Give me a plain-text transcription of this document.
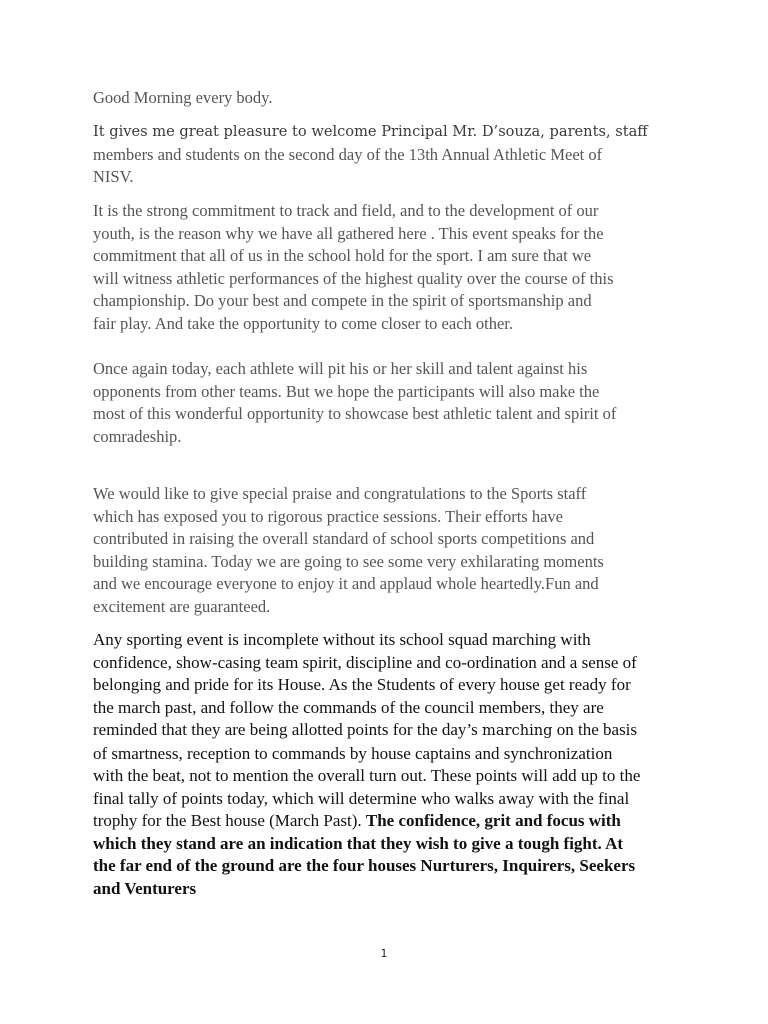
Good Morning every body.

It gives me great pleasure to welcome Principal Mr. D’souza, parents, staff
members and students on the second day of the 13th Annual Athletic Meet of
NISV.

It is the strong commitment to track and field, and to the development of our
youth, is the reason why we have all gathered here . This event speaks for the
commitment that all of us in the school hold for the sport. I am sure that we
will witness athletic performances of the highest quality over the course of this
championship. Do your best and compete in the spirit of sportsmanship and
fair play. And take the opportunity to come closer to each other.

Once again today, each athlete will pit his or her skill and talent against his
opponents from other teams. But we hope the participants will also make the
most of this wonderful opportunity to showcase best athletic talent and spirit of
comradeship.

We would like to give special praise and congratulations to the Sports staff
which has exposed you to rigorous practice sessions. Their efforts have
contributed in raising the overall standard of school sports competitions and
building stamina. Today we are going to see some very exhilarating moments
and we encourage everyone to enjoy it and applaud whole heartedly.Fun and
excitement are guaranteed.

Any sporting event is incomplete without its school squad marching with
confidence, show-casing team spirit, discipline and co-ordination and a sense of
belonging and pride for its House. As the Students of every house get ready for
the march past, and follow the commands of the council members, they are
reminded that they are being allotted points for the day’s marching on the basis
of smartness, reception to commands by house captains and synchronization
with the beat, not to mention the overall turn out. These points will add up to the
final tally of points today, which will determine who walks away with the final
trophy for the Best house (March Past). The confidence, grit and focus with
which they stand are an indication that they wish to give a tough fight. At
the far end of the ground are the four houses Nurturers, Inquirers, Seekers
and Venturers

1
